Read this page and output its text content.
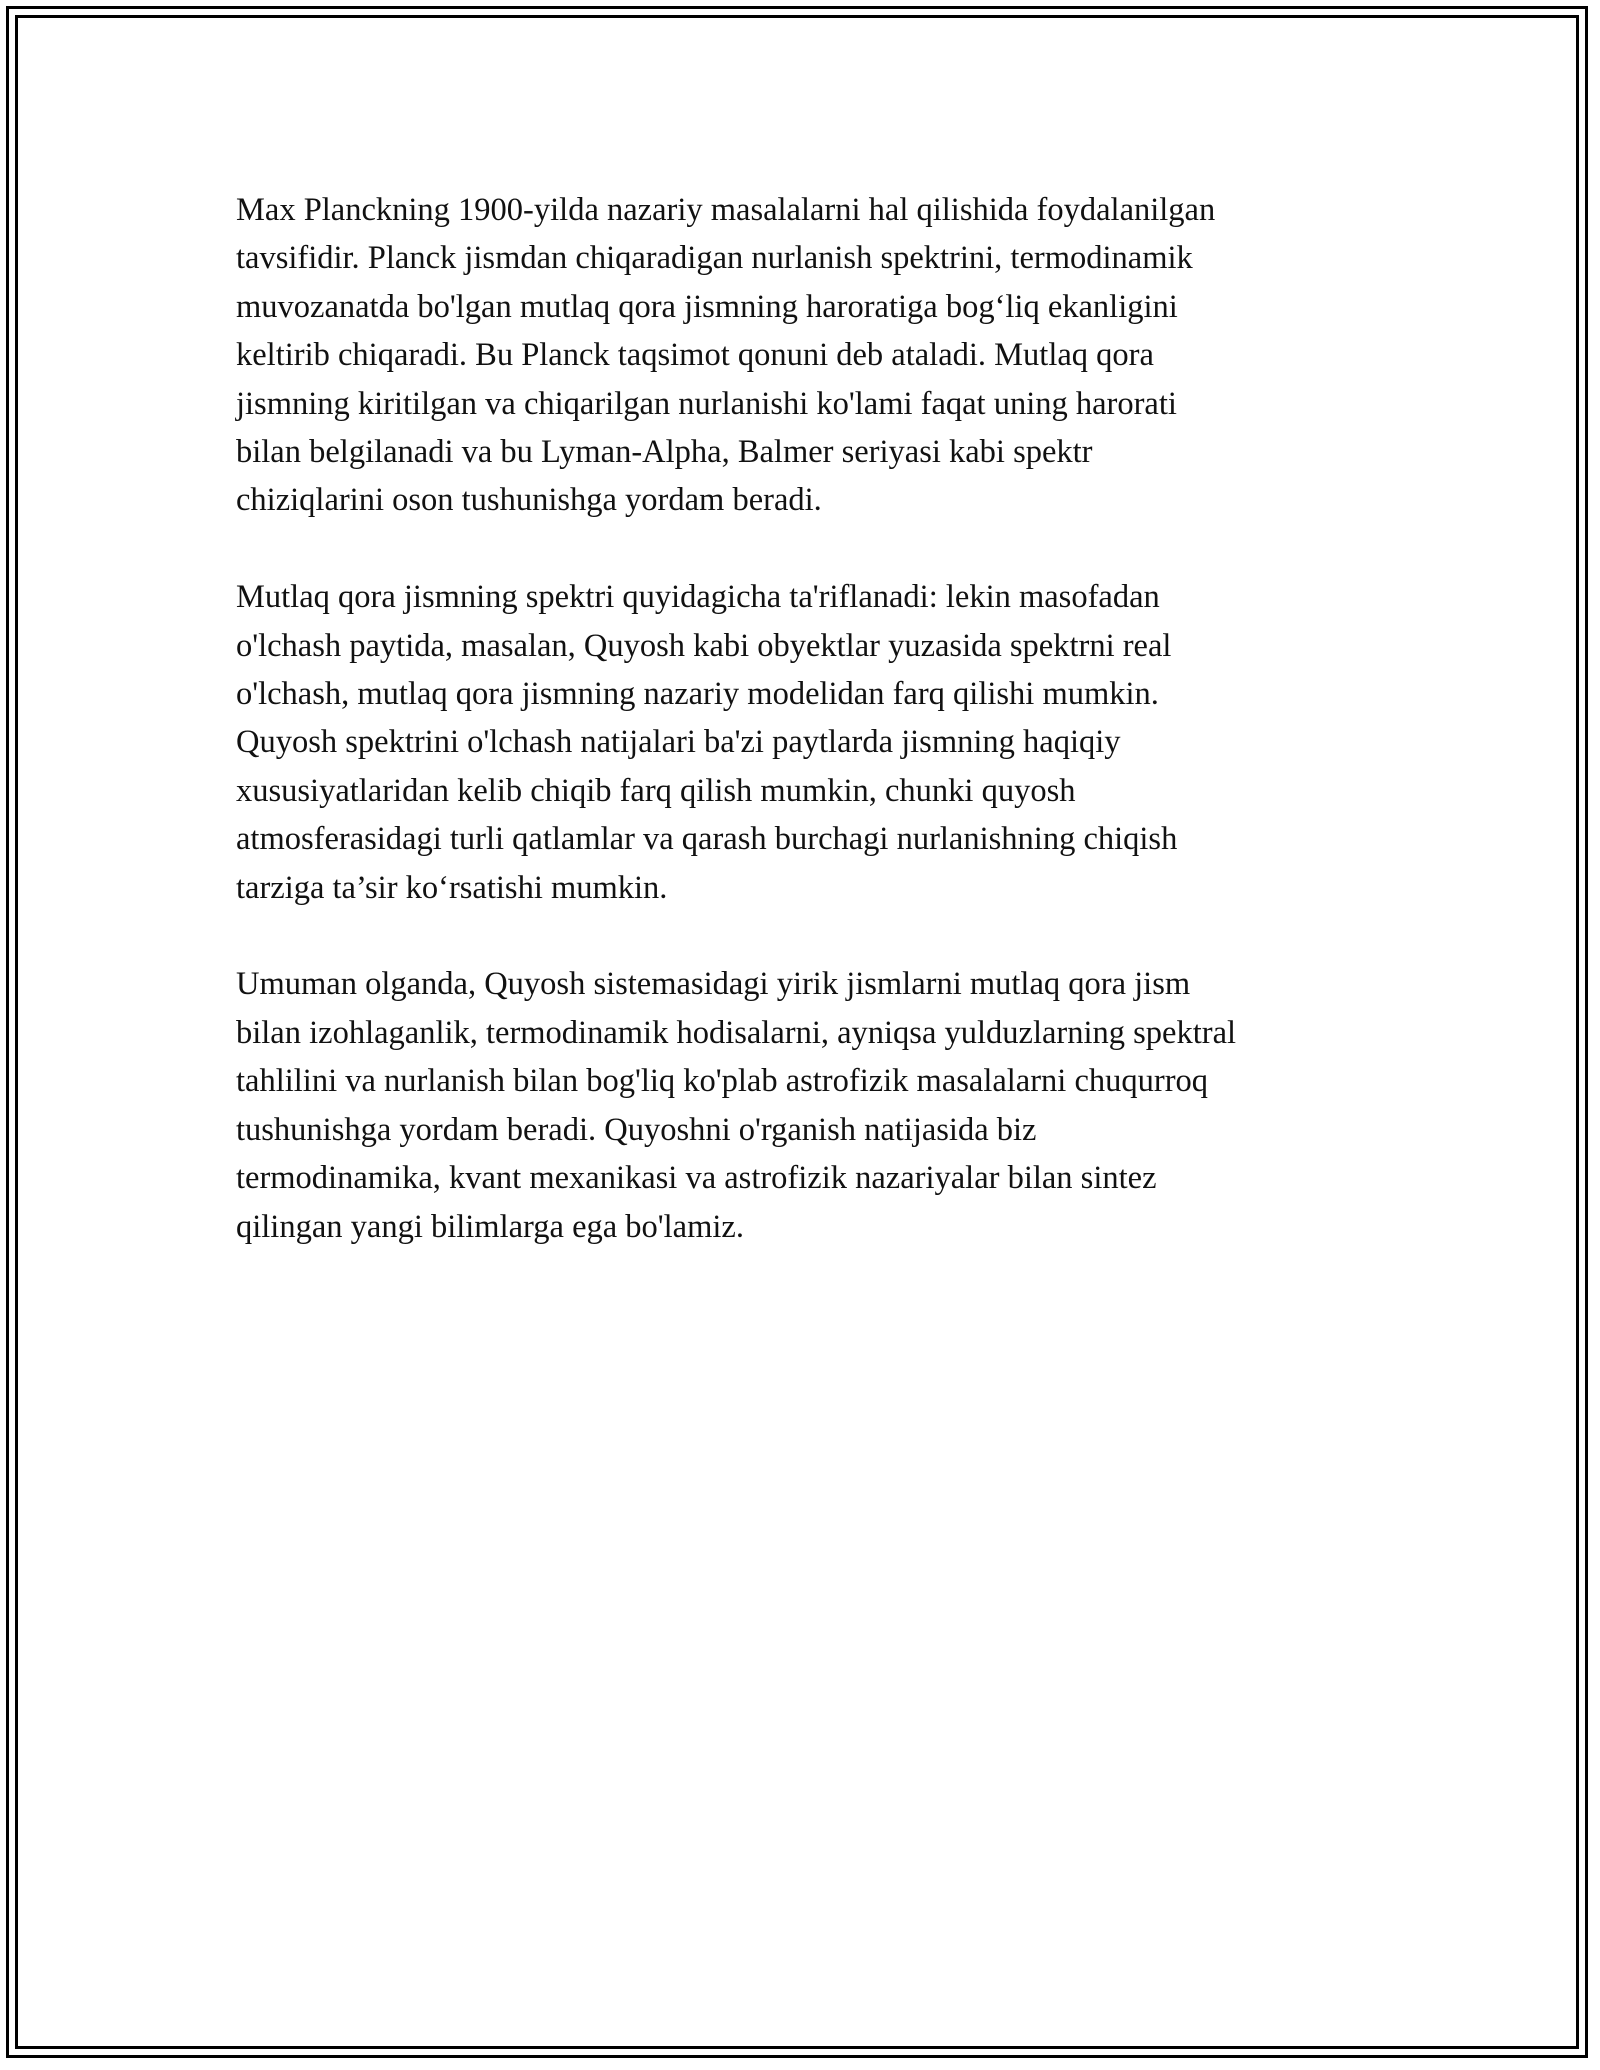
Max Planckning 1900-yilda nazariy masalalarni hal qilishida foydalanilgan
tavsifidir. Planck jismdan chiqaradigan nurlanish spektrini, termodinamik
muvozanatda bo'lgan mutlaq qora jismning haroratiga bog‘liq ekanligini
keltirib chiqaradi. Bu Planck taqsimot qonuni deb ataladi. Mutlaq qora
jismning kiritilgan va chiqarilgan nurlanishi ko'lami faqat uning harorati
bilan belgilanadi va bu Lyman-Alpha, Balmer seriyasi kabi spektr
chiziqlarini oson tushunishga yordam beradi.

Mutlaq qora jismning spektri quyidagicha ta'riflanadi: lekin masofadan
o'lchash paytida, masalan, Quyosh kabi obyektlar yuzasida spektrni real
o'lchash, mutlaq qora jismning nazariy modelidan farq qilishi mumkin.
Quyosh spektrini o'lchash natijalari ba'zi paytlarda jismning haqiqiy
xususiyatlaridan kelib chiqib farq qilish mumkin, chunki quyosh
atmosferasidagi turli qatlamlar va qarash burchagi nurlanishning chiqish
tarziga ta’sir ko‘rsatishi mumkin.

Umuman olganda, Quyosh sistemasidagi yirik jismlarni mutlaq qora jism
bilan izohlaganlik, termodinamik hodisalarni, ayniqsa yulduzlarning spektral
tahlilini va nurlanish bilan bog'liq ko'plab astrofizik masalalarni chuqurroq
tushunishga yordam beradi. Quyoshni o'rganish natijasida biz
termodinamika, kvant mexanikasi va astrofizik nazariyalar bilan sintez
qilingan yangi bilimlarga ega bo'lamiz.
